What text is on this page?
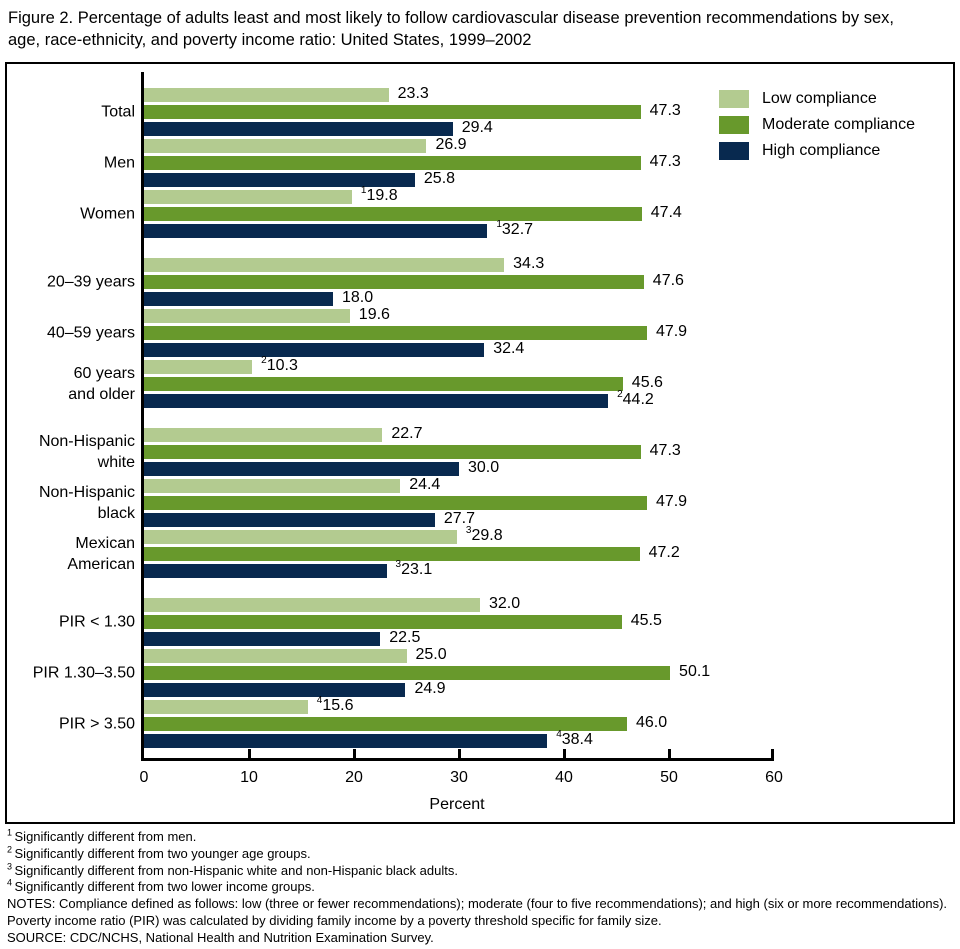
Figure 2. Percentage of adults least and most likely to follow cardiovascular disease prevention recommendations by sex,
age, race-ethnicity, and poverty income ratio: United States, 1999–2002
Total
23.3
47.3
29.4
Men
26.9
47.3
25.8
Women
$^1$19.8
47.4
$^1$32.7
20–39 years
34.3
47.6
18.0
40–59 years
19.6
47.9
32.4
60 years
and older
$^2$10.3
45.6
$^2$44.2
Non-Hispanic
white
22.7
47.3
30.0
Non-Hispanic
black
24.4
47.9
27.7
Mexican
American
$^3$29.8
47.2
$^3$23.1
PIR < 1.30
32.0
45.5
22.5
PIR 1.30–3.50
25.0
50.1
24.9
PIR > 3.50
$^4$15.6
46.0
$^4$38.4
0	10	20	30	40	50	60
Percent
Low compliance
Moderate compliance
High compliance
$^1$ Significantly different from men.
$^2$ Significantly different from two younger age groups.
$^3$ Significantly different from non-Hispanic white and non-Hispanic black adults.
$^4$ Significantly different from two lower income groups.
NOTES: Compliance defined as follows: low (three or fewer recommendations); moderate (four to five recommendations); and high (six or more recommendations). Poverty income ratio (PIR) was calculated by dividing family income by a poverty threshold specific for family size.
SOURCE: CDC/NCHS, National Health and Nutrition Examination Survey.
